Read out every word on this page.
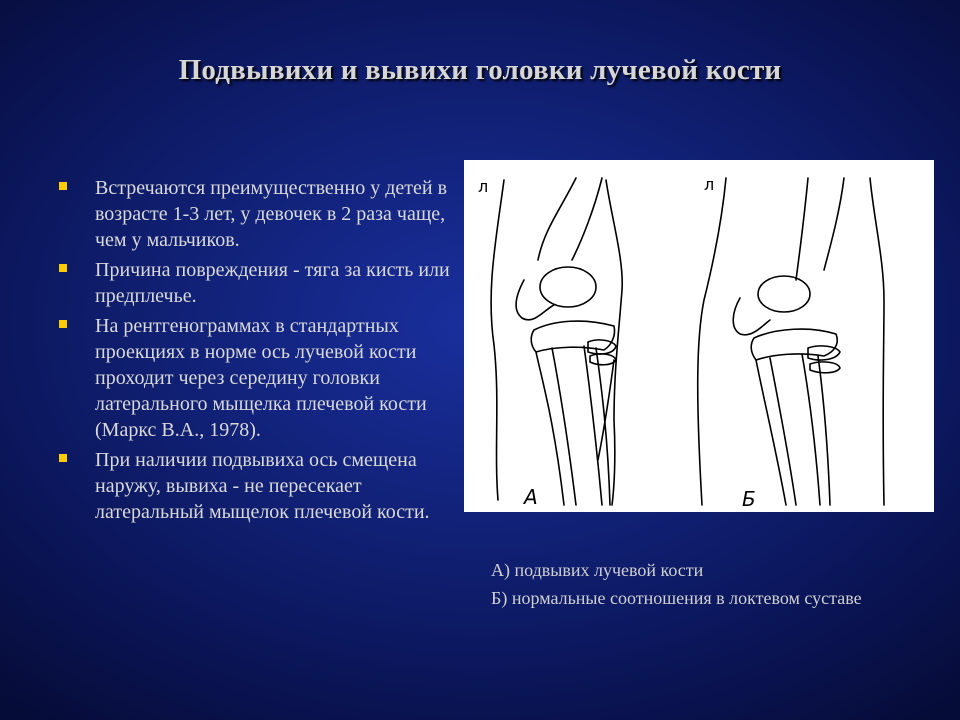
Подвывихи и вывихи головки лучевой кости
Встречаются преимущественно у детей в возрасте 1-3 лет, у девочек в 2 раза чаще, чем у мальчиков.
Причина повреждения - тяга за кисть или предплечье.
На рентгенограммах в стандартных проекциях в норме ось лучевой кости проходит через середину головки латерального мыщелка плечевой кости (Маркс В.А., 1978).
При наличии подвывиха ось смещена наружу, вывиха - не пересекает латеральный мыщелок плечевой кости.
л	л
А	Б
А) подвывих лучевой кости
Б) нормальные соотношения в локтевом суставе
